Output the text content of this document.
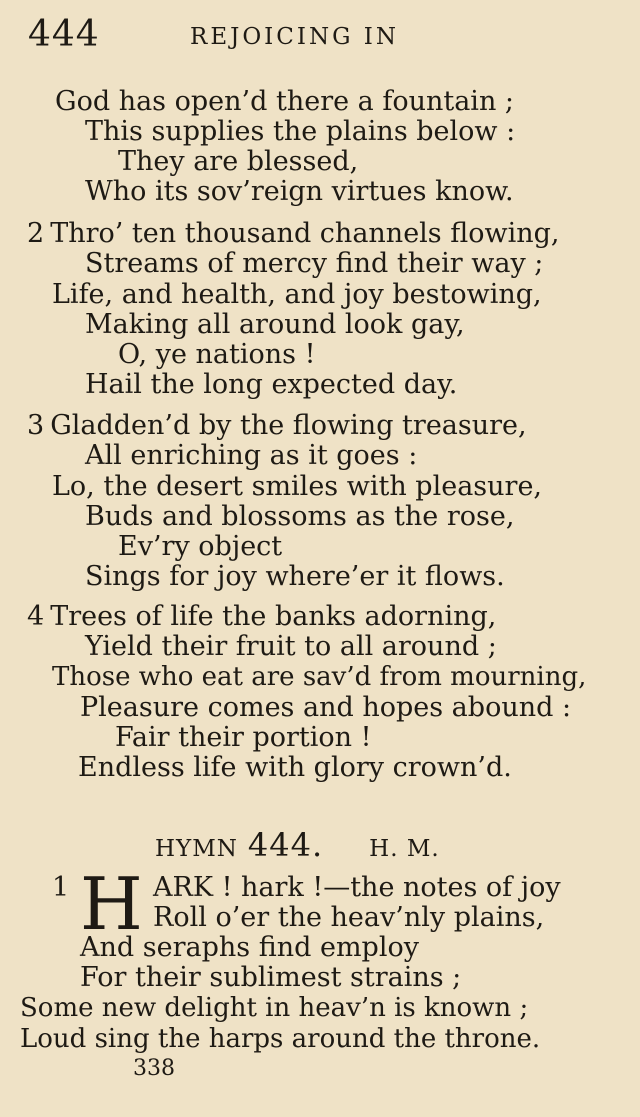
444	REJOICING IN
God has open’d there a fountain ;
This supplies the plains below :
They are blessed,
Who its sov’reign virtues know.
2 Thro’ ten thousand channels flowing,
Streams of mercy find their way ;
Life, and health, and joy bestowing,
Making all around look gay,
O, ye nations !
Hail the long expected day.
3 Gladden’d by the flowing treasure,
All enriching as it goes :
Lo, the desert smiles with pleasure,
Buds and blossoms as the rose,
Ev’ry object
Sings for joy where’er it flows.
4 Trees of life the banks adorning,
Yield their fruit to all around ;
Those who eat are sav’d from mourning,
Pleasure comes and hopes abound :
Fair their portion !
Endless life with glory crown’d.
HYMN 444. H. M.
1 H ARK ! hark !—the notes of joy
Roll o’er the heav’nly plains,
And seraphs find employ
For their sublimest strains ;
Some new delight in heav’n is known ;
Loud sing the harps around the throne.
338
